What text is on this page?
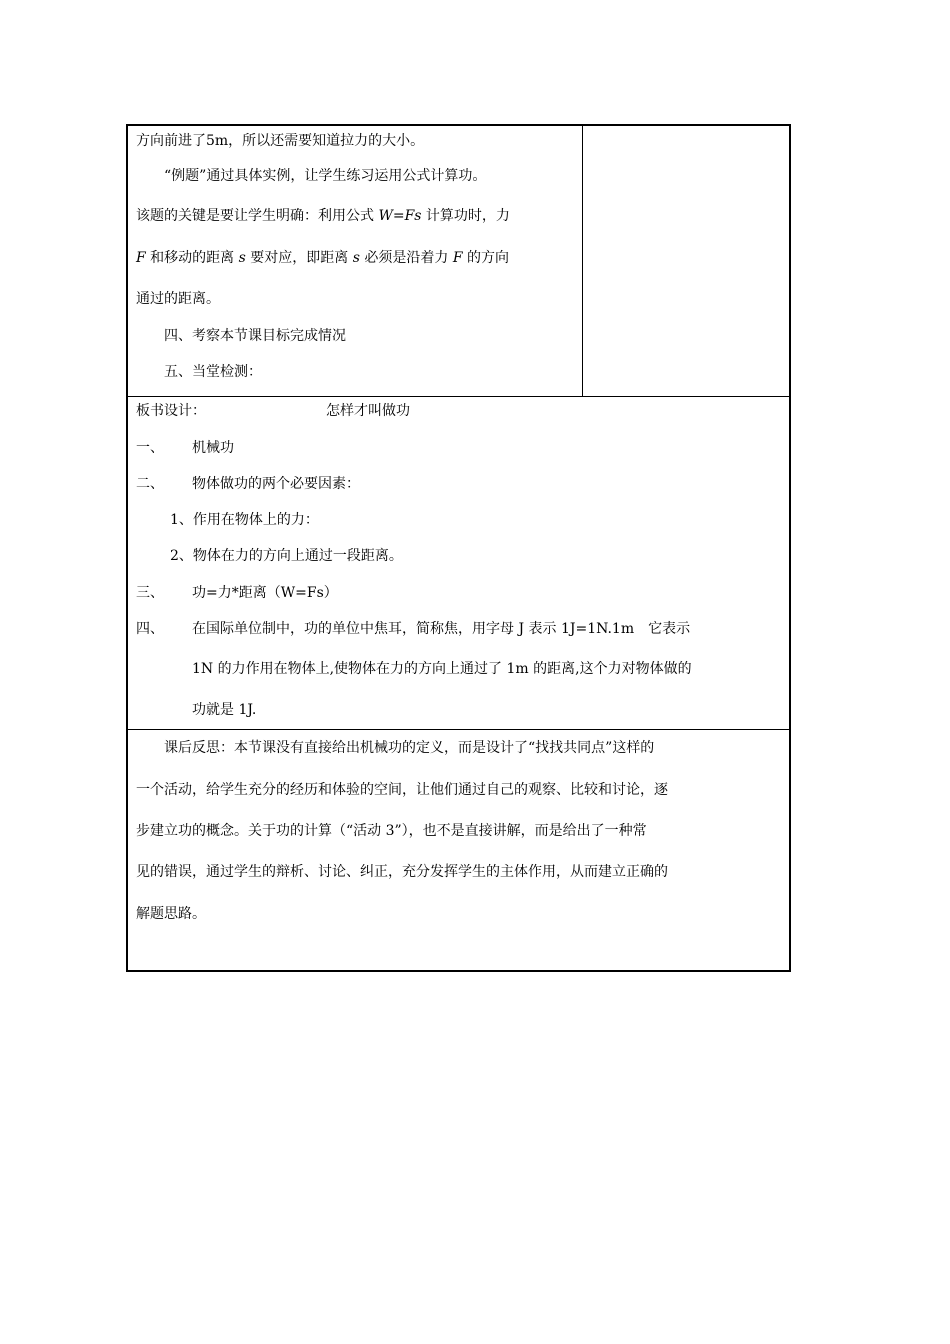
方向前进了5m，所以还需要知道拉力的大小。
“例题”通过具体实例，让学生练习运用公式计算功。
该题的关键是要让学生明确：利用公式 W=Fs 计算功时，力
F 和移动的距离 s 要对应，即距离 s 必须是沿着力 F 的方向
通过的距离。
四、考察本节课目标完成情况
五、当堂检测：
板书设计：	怎样才叫做功
一、 机械功
二、 物体做功的两个必要因素：
1、作用在物体上的力：
2、物体在力的方向上通过一段距离。
三、 功=力*距离（W=Fs）
四、 在国际单位制中，功的单位中焦耳，简称焦，用字母 J 表示 1J=1N.1m　它表示
1N 的力作用在物体上,使物体在力的方向上通过了 1m 的距离,这个力对物体做的
功就是 1J.
课后反思：本节课没有直接给出机械功的定义，而是设计了“找找共同点”这样的
一个活动，给学生充分的经历和体验的空间，让他们通过自己的观察、比较和讨论，逐
步建立功的概念。关于功的计算（“活动 3”），也不是直接讲解，而是给出了一种常
见的错误，通过学生的辩析、讨论、纠正，充分发挥学生的主体作用，从而建立正确的
解题思路。
